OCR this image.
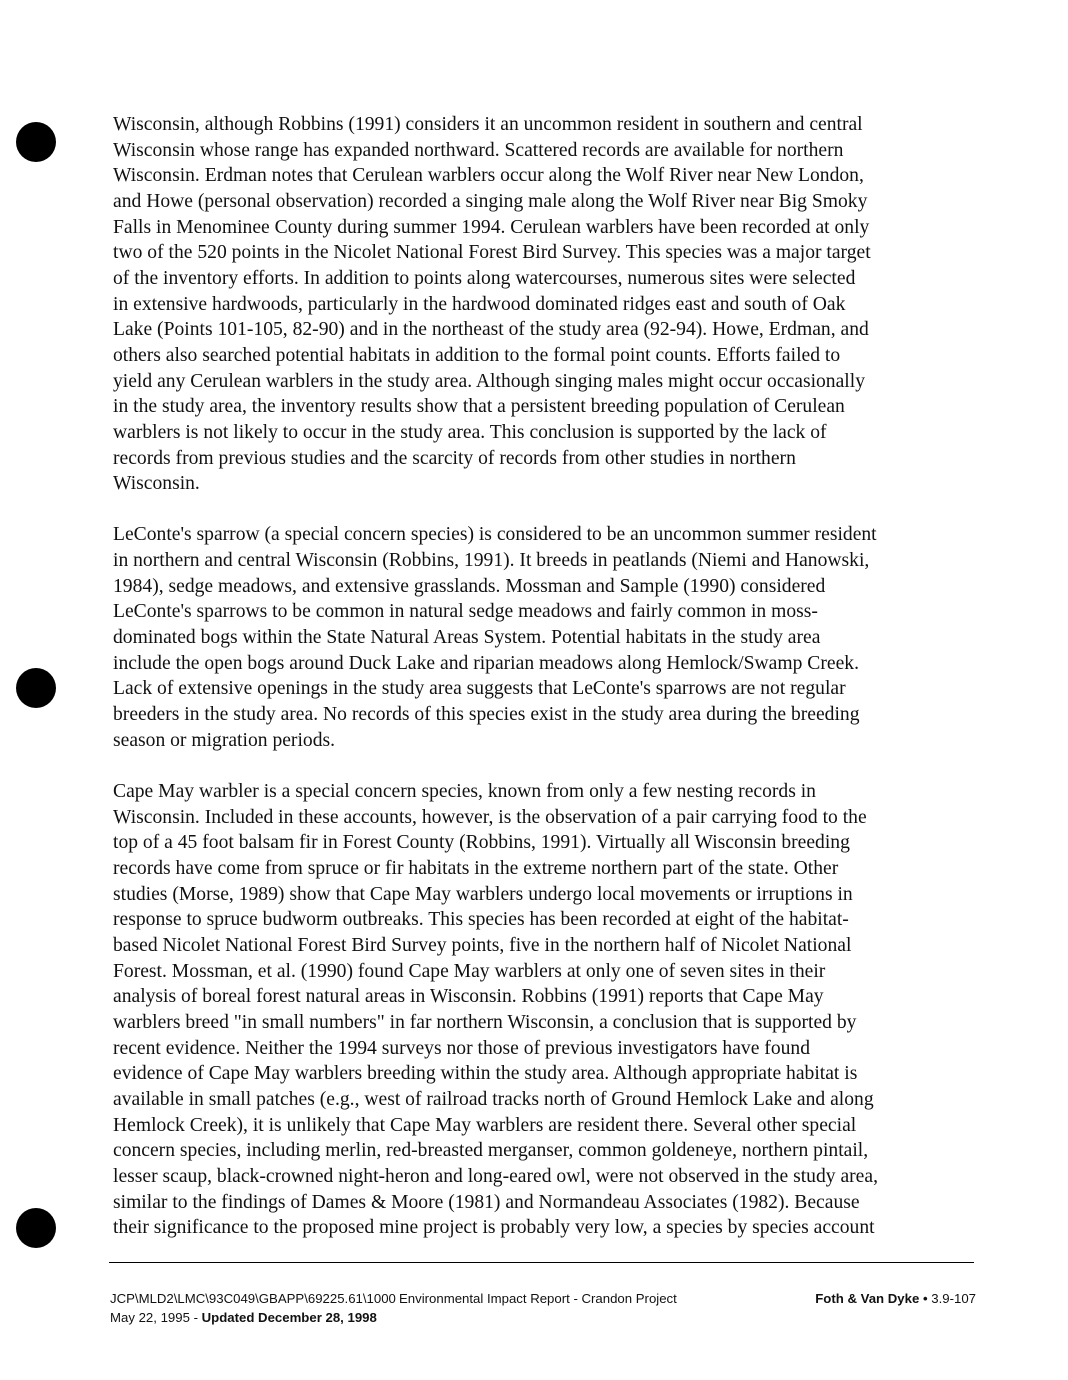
Wisconsin, although Robbins (1991) considers it an uncommon resident in southern and central
Wisconsin whose range has expanded northward. Scattered records are available for northern
Wisconsin. Erdman notes that Cerulean warblers occur along the Wolf River near New London,
and Howe (personal observation) recorded a singing male along the Wolf River near Big Smoky
Falls in Menominee County during summer 1994. Cerulean warblers have been recorded at only
two of the 520 points in the Nicolet National Forest Bird Survey. This species was a major target
of the inventory efforts. In addition to points along watercourses, numerous sites were selected
in extensive hardwoods, particularly in the hardwood dominated ridges east and south of Oak
Lake (Points 101-105, 82-90) and in the northeast of the study area (92-94). Howe, Erdman, and
others also searched potential habitats in addition to the formal point counts. Efforts failed to
yield any Cerulean warblers in the study area. Although singing males might occur occasionally
in the study area, the inventory results show that a persistent breeding population of Cerulean
warblers is not likely to occur in the study area. This conclusion is supported by the lack of
records from previous studies and the scarcity of records from other studies in northern
Wisconsin.

LeConte's sparrow (a special concern species) is considered to be an uncommon summer resident
in northern and central Wisconsin (Robbins, 1991). It breeds in peatlands (Niemi and Hanowski,
1984), sedge meadows, and extensive grasslands. Mossman and Sample (1990) considered
LeConte's sparrows to be common in natural sedge meadows and fairly common in moss-
dominated bogs within the State Natural Areas System. Potential habitats in the study area
include the open bogs around Duck Lake and riparian meadows along Hemlock/Swamp Creek.
Lack of extensive openings in the study area suggests that LeConte's sparrows are not regular
breeders in the study area. No records of this species exist in the study area during the breeding
season or migration periods.

Cape May warbler is a special concern species, known from only a few nesting records in
Wisconsin. Included in these accounts, however, is the observation of a pair carrying food to the
top of a 45 foot balsam fir in Forest County (Robbins, 1991). Virtually all Wisconsin breeding
records have come from spruce or fir habitats in the extreme northern part of the state. Other
studies (Morse, 1989) show that Cape May warblers undergo local movements or irruptions in
response to spruce budworm outbreaks. This species has been recorded at eight of the habitat-
based Nicolet National Forest Bird Survey points, five in the northern half of Nicolet National
Forest. Mossman, et al. (1990) found Cape May warblers at only one of seven sites in their
analysis of boreal forest natural areas in Wisconsin. Robbins (1991) reports that Cape May
warblers breed "in small numbers" in far northern Wisconsin, a conclusion that is supported by
recent evidence. Neither the 1994 surveys nor those of previous investigators have found
evidence of Cape May warblers breeding within the study area. Although appropriate habitat is
available in small patches (e.g., west of railroad tracks north of Ground Hemlock Lake and along
Hemlock Creek), it is unlikely that Cape May warblers are resident there. Several other special
concern species, including merlin, red-breasted merganser, common goldeneye, northern pintail,
lesser scaup, black-crowned night-heron and long-eared owl, were not observed in the study area,
similar to the findings of Dames & Moore (1981) and Normandeau Associates (1982). Because
their significance to the proposed mine project is probably very low, a species by species account

JCP\MLD2\LMC\93C049\GBAPP\69225.61\1000
May 22, 1995 - Updated December 28, 1998
Environmental Impact Report - Crandon Project	Foth & Van Dyke • 3.9-107
